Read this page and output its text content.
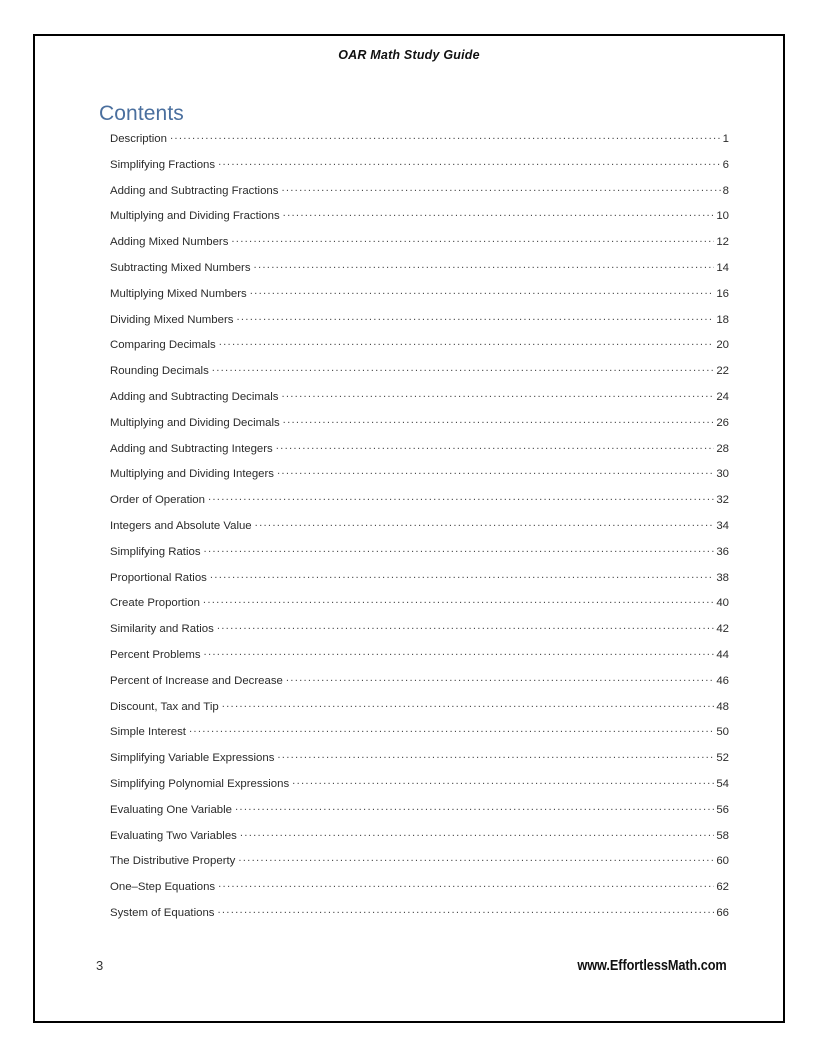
OAR Math Study Guide
Contents
Description .....	1
Simplifying Fractions .....	6
Adding and Subtracting Fractions .....	8
Multiplying and Dividing Fractions .....	10
Adding Mixed Numbers .....	12
Subtracting Mixed Numbers .....	14
Multiplying Mixed Numbers .....	16
Dividing Mixed Numbers .....	18
Comparing Decimals .....	20
Rounding Decimals .....	22
Adding and Subtracting Decimals .....	24
Multiplying and Dividing Decimals .....	26
Adding and Subtracting Integers .....	28
Multiplying and Dividing Integers .....	30
Order of Operation .....	32
Integers and Absolute Value .....	34
Simplifying Ratios .....	36
Proportional Ratios .....	38
Create Proportion .....	40
Similarity and Ratios .....	42
Percent Problems .....	44
Percent of Increase and Decrease .....	46
Discount, Tax and Tip .....	48
Simple Interest .....	50
Simplifying Variable Expressions .....	52
Simplifying Polynomial Expressions .....	54
Evaluating One Variable .....	56
Evaluating Two Variables .....	58
The Distributive Property .....	60
One–Step Equations .....	62
System of Equations .....	66
3	www.EffortlessMath.com
